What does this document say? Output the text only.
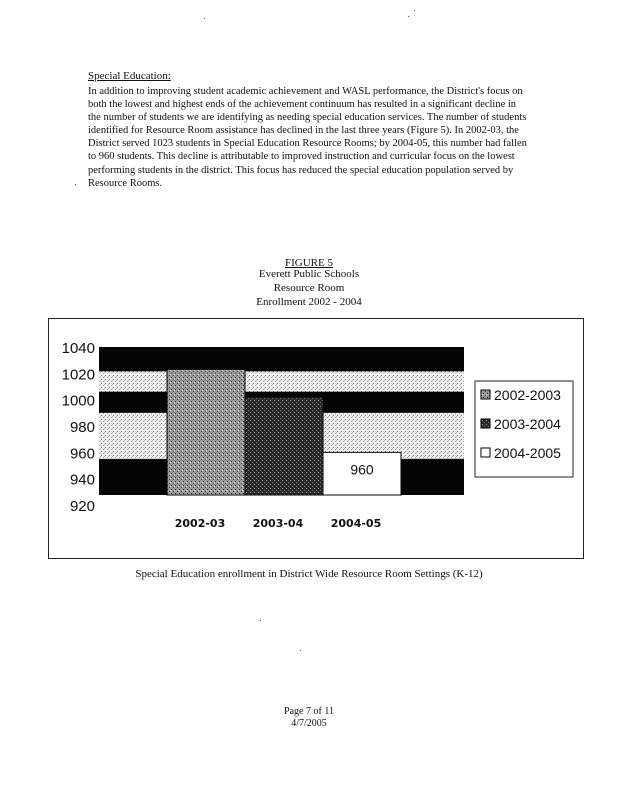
Special Education:
In addition to improving student academic achievement and WASL performance, the District's focus on both the lowest and highest ends of the achievement continuum has resulted in a significant decline in the number of students we are identifying as needing special education services. The number of students identified for Resource Room assistance has declined in the last three years (Figure 5). In 2002-03, the District served 1023 students in Special Education Resource Rooms; by 2004-05, this number had fallen to 960 students. This decline is attributable to improved instruction and curricular focus on the lowest performing students in the district. This focus has reduced the special education population served by Resource Rooms.
FIGURE 5
Everett Public Schools
Resource Room
Enrollment 2002 - 2004
960
1040
1020
1000
980
960
940
920
2002-03	2003-04	2004-05
2002-2003
2003-2004
2004-2005
Special Education enrollment in District Wide Resource Room Settings (K-12)
Page 7 of 11
4/7/2005
